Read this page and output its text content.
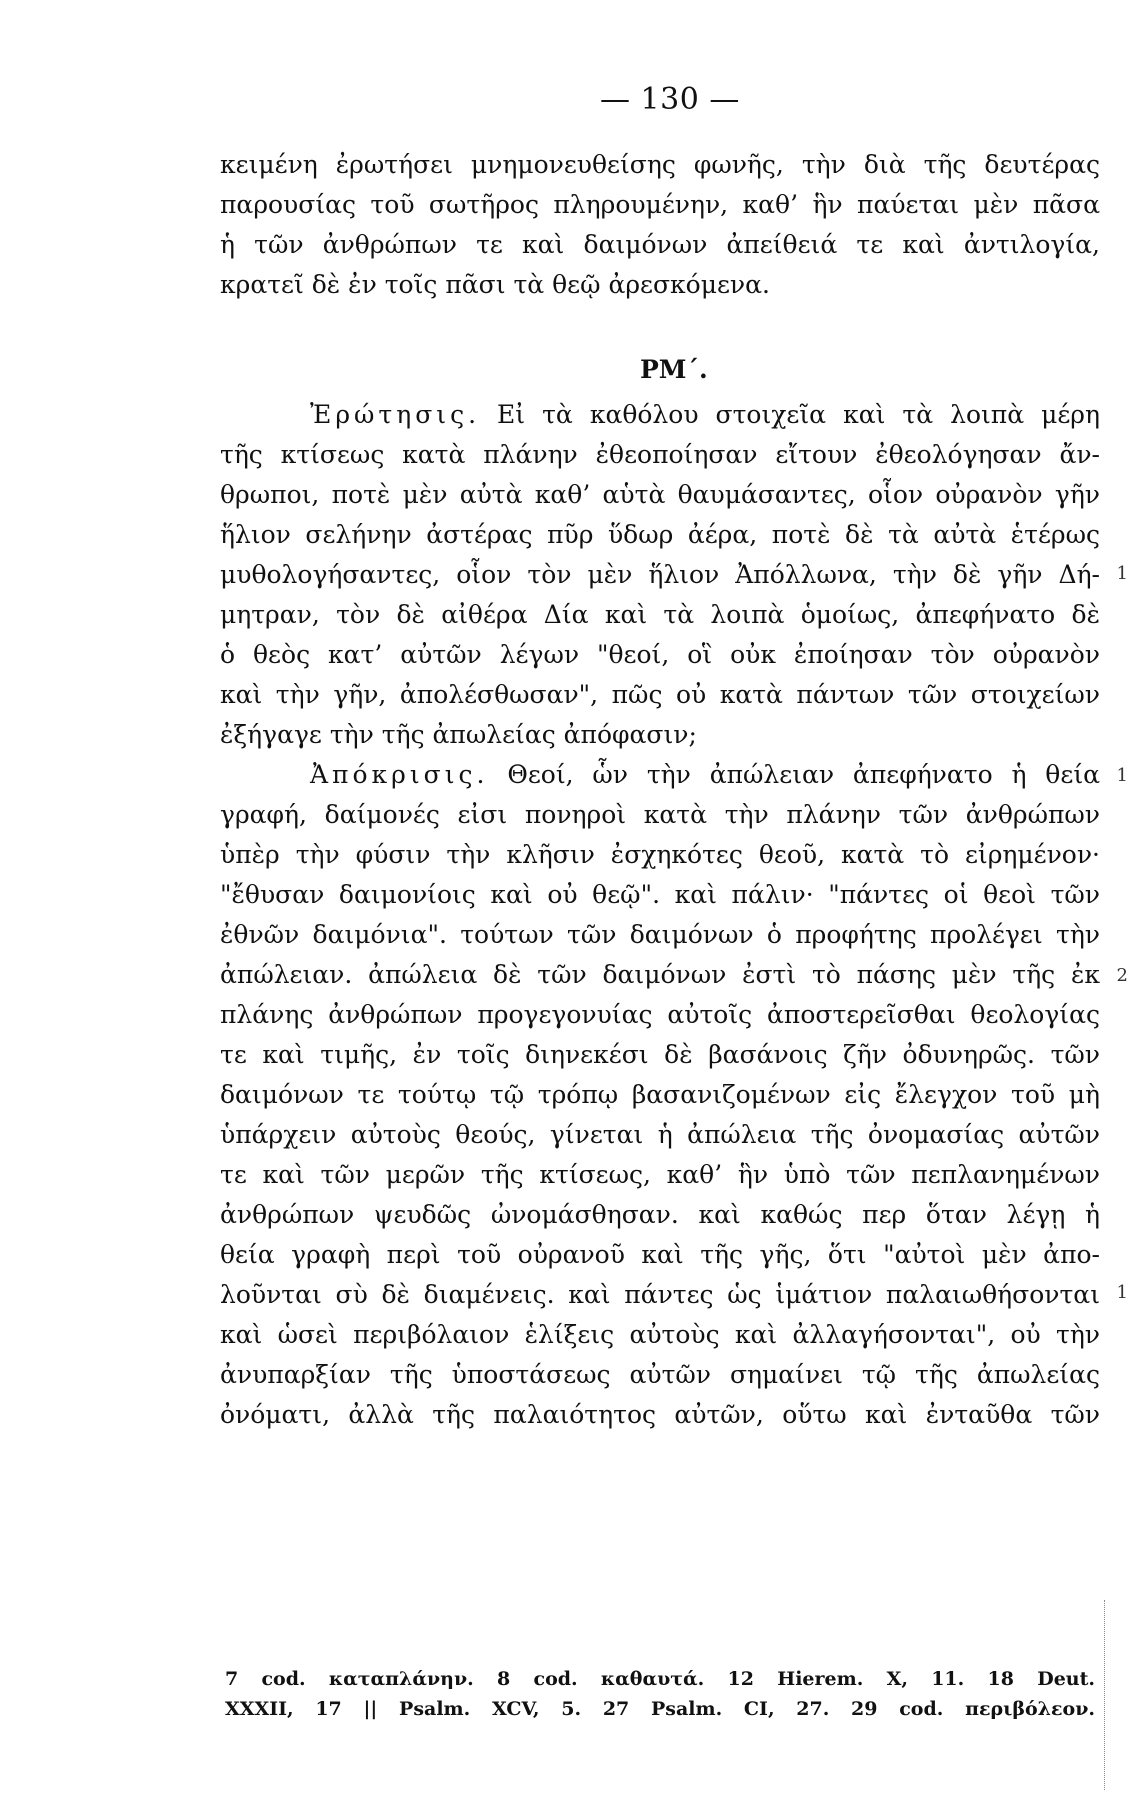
— 130 —
κειμένη ἐρωτήσει μνημονευθείσης φωνῆς, τὴν διὰ τῆς δευτέρας
παρουσίας τοῦ σωτῆρος πληρουμένην, καθ’ ἣν παύεται μὲν πᾶσα
ἡ τῶν ἀνθρώπων τε καὶ δαιμόνων ἀπείθειά τε καὶ ἀντιλογία,
κρατεῖ δὲ ἐν τοῖς πᾶσι τὰ θεῷ ἀρεσκόμενα.
ΡΜ΄.
Ἐρώτησις. Εἰ τὰ καθόλου στοιχεῖα καὶ τὰ λοιπὰ μέρη
τῆς κτίσεως κατὰ πλάνην ἐθεοποίησαν εἴτουν ἐθεολόγησαν ἄν-
θρωποι, ποτὲ μὲν αὐτὰ καθ’ αὑτὰ θαυμάσαντες, οἷον οὐρανὸν γῆν
ἥλιον σελήνην ἀστέρας πῦρ ὕδωρ ἀέρα, ποτὲ δὲ τὰ αὐτὰ ἑτέρως
μυθολογήσαντες, οἷον τὸν μὲν ἥλιον Ἀπόλλωνα, τὴν δὲ γῆν Δή-
μητραν, τὸν δὲ αἰθέρα Δία καὶ τὰ λοιπὰ ὁμοίως, ἀπεφήνατο δὲ
ὁ θεὸς κατ’ αὐτῶν λέγων "θεοί, οἳ οὐκ ἐποίησαν τὸν οὐρανὸν
καὶ τὴν γῆν, ἀπολέσθωσαν", πῶς οὐ κατὰ πάντων τῶν στοιχείων
ἐξήγαγε τὴν τῆς ἀπωλείας ἀπόφασιν;
Ἀπόκρισις. Θεοί, ὧν τὴν ἀπώλειαν ἀπεφήνατο ἡ θεία
γραφή, δαίμονές εἰσι πονηροὶ κατὰ τὴν πλάνην τῶν ἀνθρώπων
ὑπὲρ τὴν φύσιν τὴν κλῆσιν ἐσχηκότες θεοῦ, κατὰ τὸ εἰρημένον·
"ἔθυσαν δαιμονίοις καὶ οὐ θεῷ". καὶ πάλιν· "πάντες οἱ θεοὶ τῶν
ἐθνῶν δαιμόνια". τούτων τῶν δαιμόνων ὁ προφήτης προλέγει τὴν
ἀπώλειαν. ἀπώλεια δὲ τῶν δαιμόνων ἐστὶ τὸ πάσης μὲν τῆς ἐκ
πλάνης ἀνθρώπων προγεγονυίας αὐτοῖς ἀποστερεῖσθαι θεολογίας
τε καὶ τιμῆς, ἐν τοῖς διηνεκέσι δὲ βασάνοις ζῆν ὀδυνηρῶς. τῶν
δαιμόνων τε τούτῳ τῷ τρόπῳ βασανιζομένων εἰς ἔλεγχον τοῦ μὴ
ὑπάρχειν αὐτοὺς θεούς, γίνεται ἡ ἀπώλεια τῆς ὀνομασίας αὐτῶν
τε καὶ τῶν μερῶν τῆς κτίσεως, καθ’ ἣν ὑπὸ τῶν πεπλανημένων
ἀνθρώπων ψευδῶς ὠνομάσθησαν. καὶ καθώς περ ὅταν λέγῃ ἡ
θεία γραφὴ περὶ τοῦ οὐρανοῦ καὶ τῆς γῆς, ὅτι "αὐτοὶ μὲν ἀπο-
λοῦνται σὺ δὲ διαμένεις. καὶ πάντες ὡς ἱμάτιον παλαιωθήσονται
καὶ ὡσεὶ περιβόλαιον ἑλίξεις αὐτοὺς καὶ ἀλλαγήσονται", οὐ τὴν
ἀνυπαρξίαν τῆς ὑποστάσεως αὐτῶν σημαίνει τῷ τῆς ἀπωλείας
ὀνόματι, ἀλλὰ τῆς παλαιότητος αὐτῶν, οὕτω καὶ ἐνταῦθα τῶν
7 cod. καταπλάνην. 8 cod. καθαυτά. 12 Hierem. X, 11. 18 Deut.
XXXII, 17 || Psalm. XCV, 5. 27 Psalm. CI, 27. 29 cod. περιβόλεον.
1
1
2
1
